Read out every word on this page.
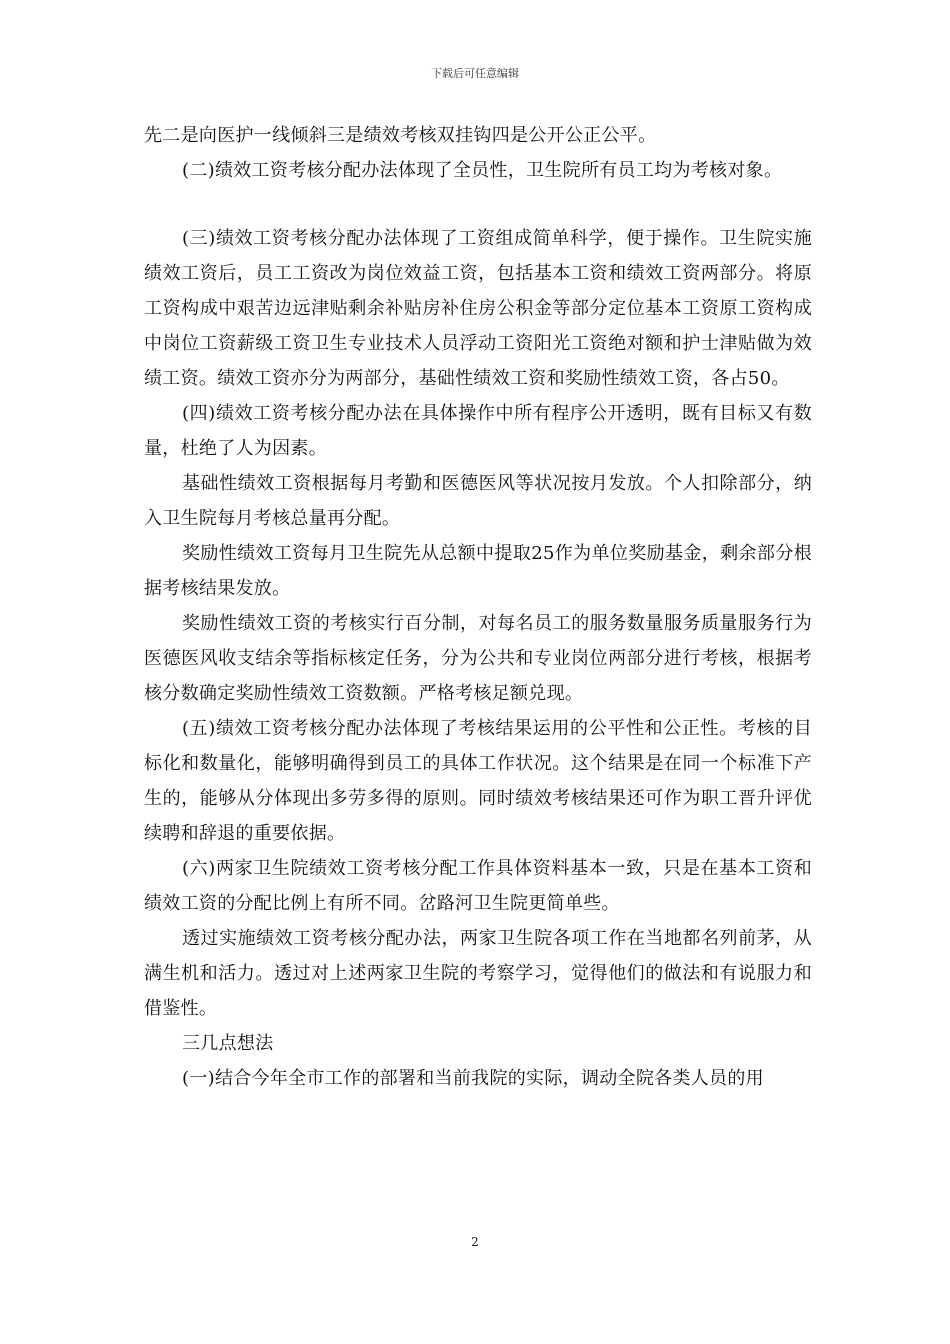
下载后可任意编辑

先二是向医护一线倾斜三是绩效考核双挂钩四是公开公正公平。

(二)绩效工资考核分配办法体现了全员性，卫生院所有员工均为考核对象。

(三)绩效工资考核分配办法体现了工资组成简单科学，便于操作。卫生院实施绩效工资后，员工工资改为岗位效益工资，包括基本工资和绩效工资两部分。将原工资构成中艰苦边远津贴剩余补贴房补住房公积金等部分定位基本工资原工资构成中岗位工资薪级工资卫生专业技术人员浮动工资阳光工资绝对额和护士津贴做为效绩工资。绩效工资亦分为两部分，基础性绩效工资和奖励性绩效工资，各占50。

(四)绩效工资考核分配办法在具体操作中所有程序公开透明，既有目标又有数量，杜绝了人为因素。

基础性绩效工资根据每月考勤和医德医风等状况按月发放。个人扣除部分，纳入卫生院每月考核总量再分配。

奖励性绩效工资每月卫生院先从总额中提取25作为单位奖励基金，剩余部分根据考核结果发放。

奖励性绩效工资的考核实行百分制，对每名员工的服务数量服务质量服务行为医德医风收支结余等指标核定任务，分为公共和专业岗位两部分进行考核，根据考核分数确定奖励性绩效工资数额。严格考核足额兑现。

(五)绩效工资考核分配办法体现了考核结果运用的公平性和公正性。考核的目标化和数量化，能够明确得到员工的具体工作状况。这个结果是在同一个标准下产生的，能够从分体现出多劳多得的原则。同时绩效考核结果还可作为职工晋升评优续聘和辞退的重要依据。

(六)两家卫生院绩效工资考核分配工作具体资料基本一致，只是在基本工资和绩效工资的分配比例上有所不同。岔路河卫生院更简单些。

透过实施绩效工资考核分配办法，两家卫生院各项工作在当地都名列前茅，从满生机和活力。透过对上述两家卫生院的考察学习，觉得他们的做法和有说服力和借鉴性。

三几点想法

(一)结合今年全市工作的部署和当前我院的实际，调动全院各类人员的用

2
